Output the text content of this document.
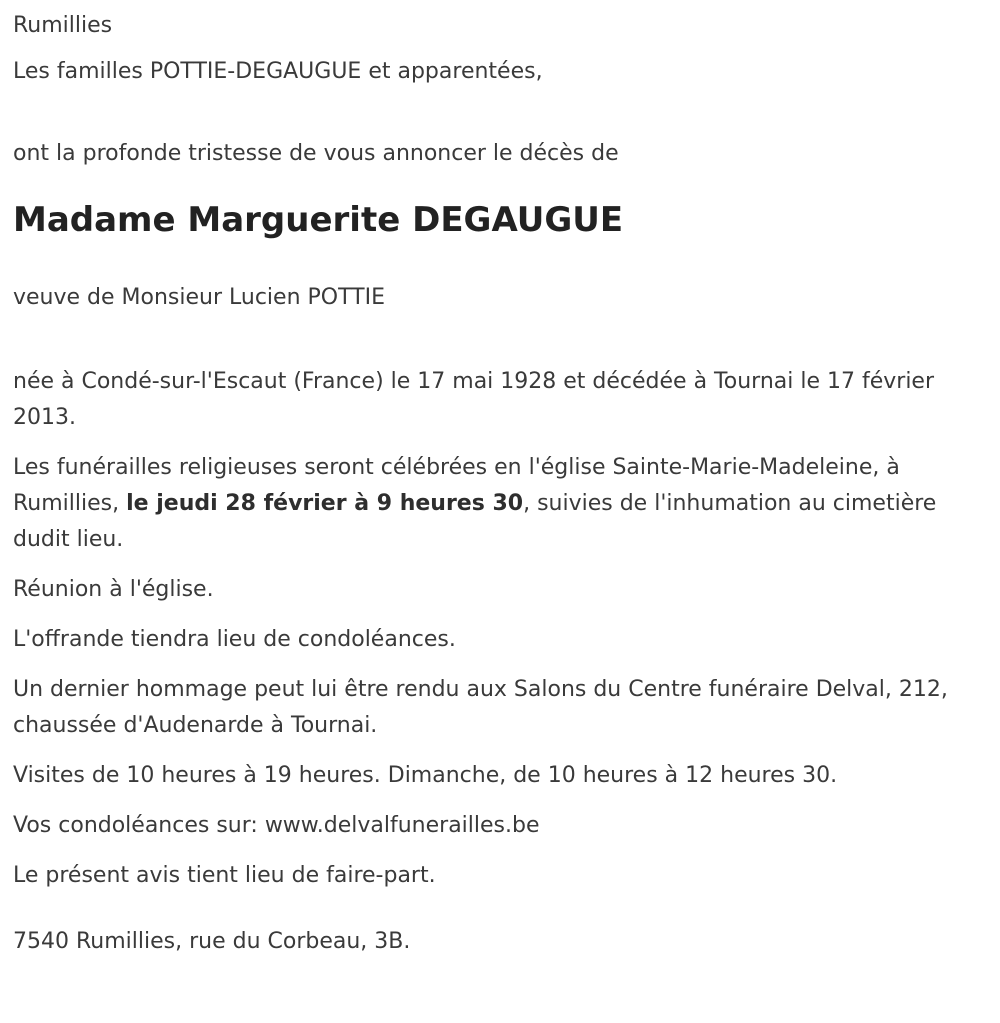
Rumillies

Les familles POTTIE-DEGAUGUE et apparentées,

ont la profonde tristesse de vous annoncer le décès de

Madame Marguerite DEGAUGUE

veuve de Monsieur Lucien POTTIE

née à Condé-sur-l'Escaut (France) le 17 mai 1928 et décédée à Tournai le 17 février 2013.

Les funérailles religieuses seront célébrées en l'église Sainte-Marie-Madeleine, à Rumillies, le jeudi 28 février à 9 heures 30, suivies de l'inhumation au cimetière dudit lieu.

Réunion à l'église.

L'offrande tiendra lieu de condoléances.

Un dernier hommage peut lui être rendu aux Salons du Centre funéraire Delval, 212, chaussée d'Audenarde à Tournai.

Visites de 10 heures à 19 heures. Dimanche, de 10 heures à 12 heures 30.

Vos condoléances sur: www.delvalfunerailles.be

Le présent avis tient lieu de faire-part.

7540 Rumillies, rue du Corbeau, 3B.
